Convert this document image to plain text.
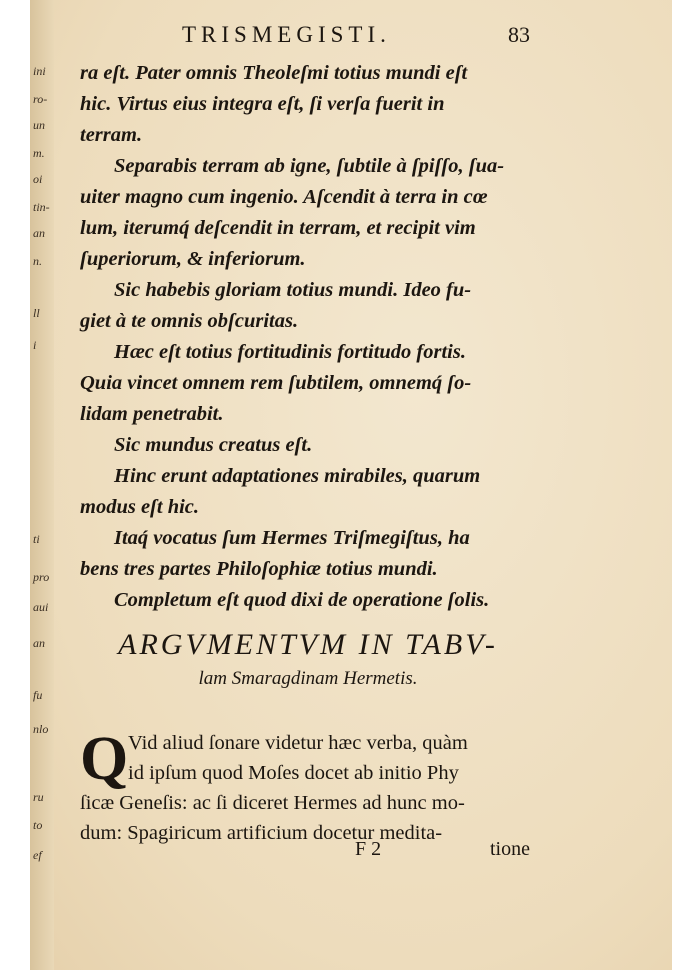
ini
ro-
un
m.
oi
tin-
an
n.
ll
i
ti
pro
aui
an
fu
nlo
ru
to
ef
TRISMEGISTI.	83
ra eſt. Pater omnis Theoleſmi totius mundi eſt
hic. Virtus eius integra eſt, ſi verſa fuerit in
terram.
Separabis terram ab igne, ſubtile à ſpiſſo, ſua-
uiter magno cum ingenio. Aſcendit à terra in cœ
lum, iterumq́ deſcendit in terram, et recipit vim
ſuperiorum, & inferiorum.
Sic habebis gloriam totius mundi. Ideo fu-
giet à te omnis obſcuritas.
Hæc eſt totius fortitudinis fortitudo fortis.
Quia vincet omnem rem ſubtilem, omnemq́ ſo-
lidam penetrabit.
Sic mundus creatus eſt.
Hinc erunt adaptationes mirabiles, quarum
modus eſt hic.
Itaq́ vocatus ſum Hermes Triſmegiſtus, ha
bens tres partes Philoſophiæ totius mundi.
Completum eſt quod dixi de operatione ſolis.
ARGVMENTVM IN TABV-
lam Smaragdinam Hermetis.
Q Vid aliud ſonare videtur hæc verba, quàm
id ipſum quod Moſes docet ab initio Phy
ſicæ Geneſis: ac ſi diceret Hermes ad hunc mo-
dum: Spagiricum artificium docetur medita-
F 2	tione
